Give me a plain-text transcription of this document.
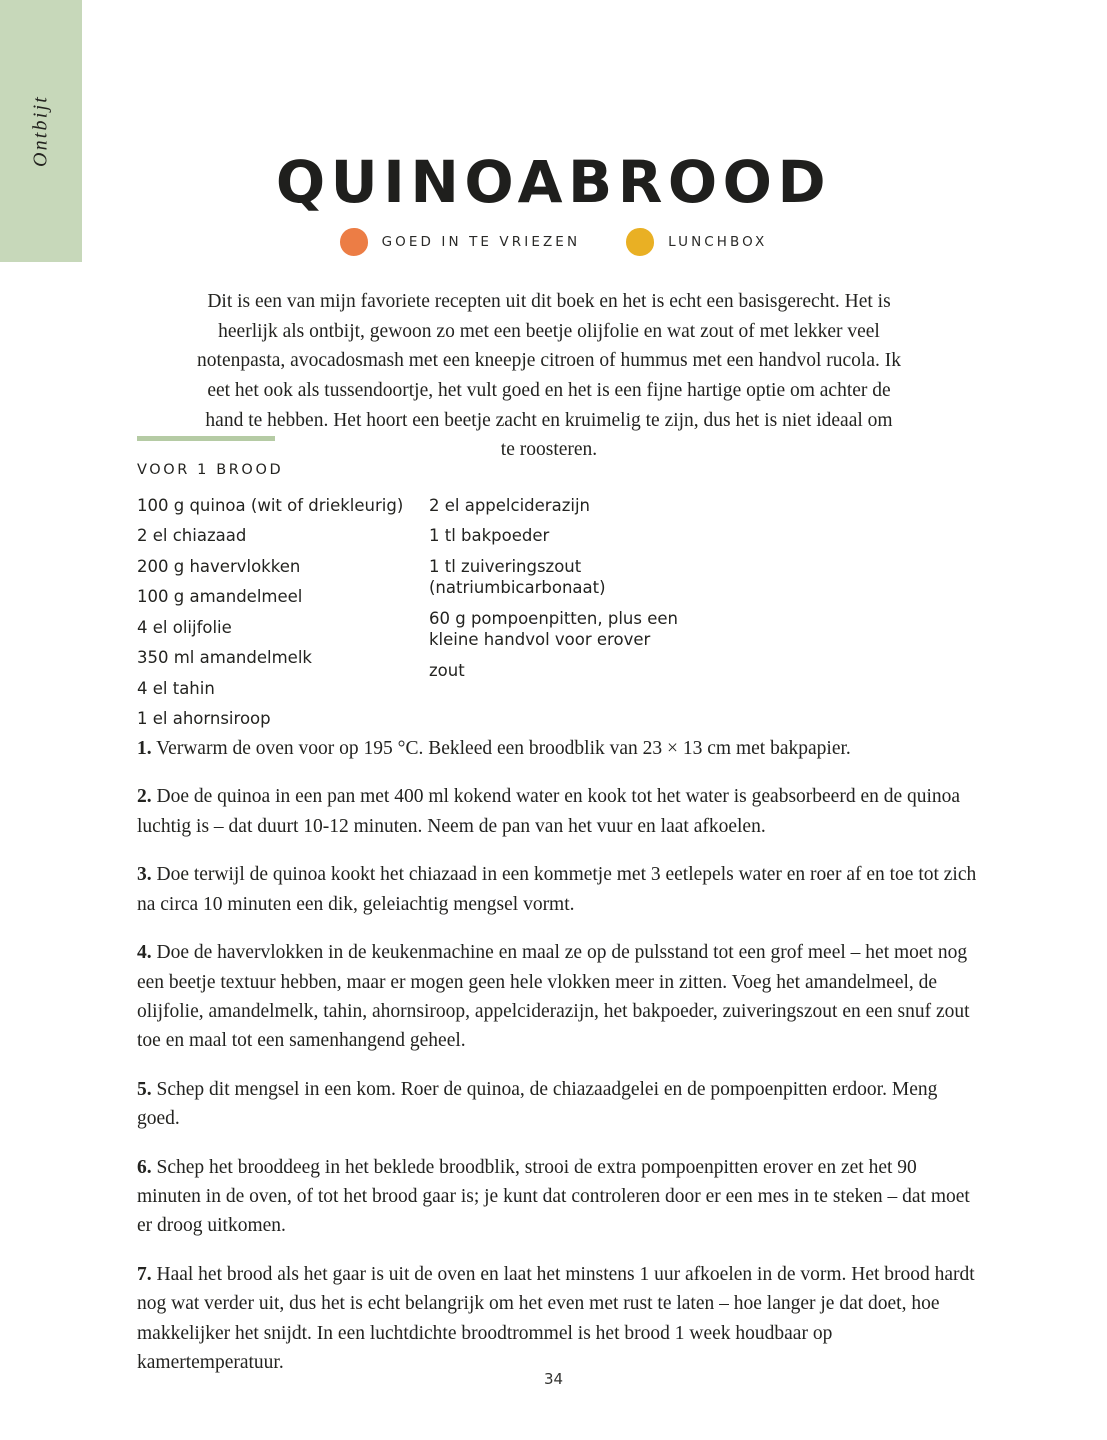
Ontbijt
QUINOABROOD
GOED IN TE VRIEZEN	LUNCHBOX
Dit is een van mijn favoriete recepten uit dit boek en het is echt een basisgerecht. Het is heerlijk als ontbijt, gewoon zo met een beetje olijfolie en wat zout of met lekker veel notenpasta, avocadosmash met een kneepje citroen of hummus met een handvol rucola. Ik eet het ook als tussendoortje, het vult goed en het is een fijne hartige optie om achter de hand te hebben. Het hoort een beetje zacht en kruimelig te zijn, dus het is niet ideaal om te roosteren.
VOOR 1 BROOD
100 g quinoa (wit of driekleurig)
2 el chiazaad
200 g havervlokken
100 g amandelmeel
4 el olijfolie
350 ml amandelmelk
4 el tahin
1 el ahornsiroop
2 el appelciderazijn
1 tl bakpoeder
1 tl zuiveringszout (natriumbicarbonaat)
60 g pompoenpitten, plus een kleine handvol voor erover
zout

1. Verwarm de oven voor op 195 °C. Bekleed een broodblik van 23 × 13 cm met bakpapier.

2. Doe de quinoa in een pan met 400 ml kokend water en kook tot het water is geabsorbeerd en de quinoa luchtig is – dat duurt 10-12 minuten. Neem de pan van het vuur en laat afkoelen.

3. Doe terwijl de quinoa kookt het chiazaad in een kommetje met 3 eetlepels water en roer af en toe tot zich na circa 10 minuten een dik, geleiachtig mengsel vormt.

4. Doe de havervlokken in de keukenmachine en maal ze op de pulsstand tot een grof meel – het moet nog een beetje textuur hebben, maar er mogen geen hele vlokken meer in zitten. Voeg het amandelmeel, de olijfolie, amandelmelk, tahin, ahornsiroop, appelciderazijn, het bakpoeder, zuiveringszout en een snuf zout toe en maal tot een samenhangend geheel.

5. Schep dit mengsel in een kom. Roer de quinoa, de chiazaadgelei en de pompoenpitten erdoor. Meng goed.

6. Schep het brooddeeg in het beklede broodblik, strooi de extra pompoenpitten erover en zet het 90 minuten in de oven, of tot het brood gaar is; je kunt dat controleren door er een mes in te steken – dat moet er droog uitkomen.

7. Haal het brood als het gaar is uit de oven en laat het minstens 1 uur afkoelen in de vorm. Het brood hardt nog wat verder uit, dus het is echt belangrijk om het even met rust te laten – hoe langer je dat doet, hoe makkelijker het snijdt. In een luchtdichte broodtrommel is het brood 1 week houdbaar op kamertemperatuur.

34
